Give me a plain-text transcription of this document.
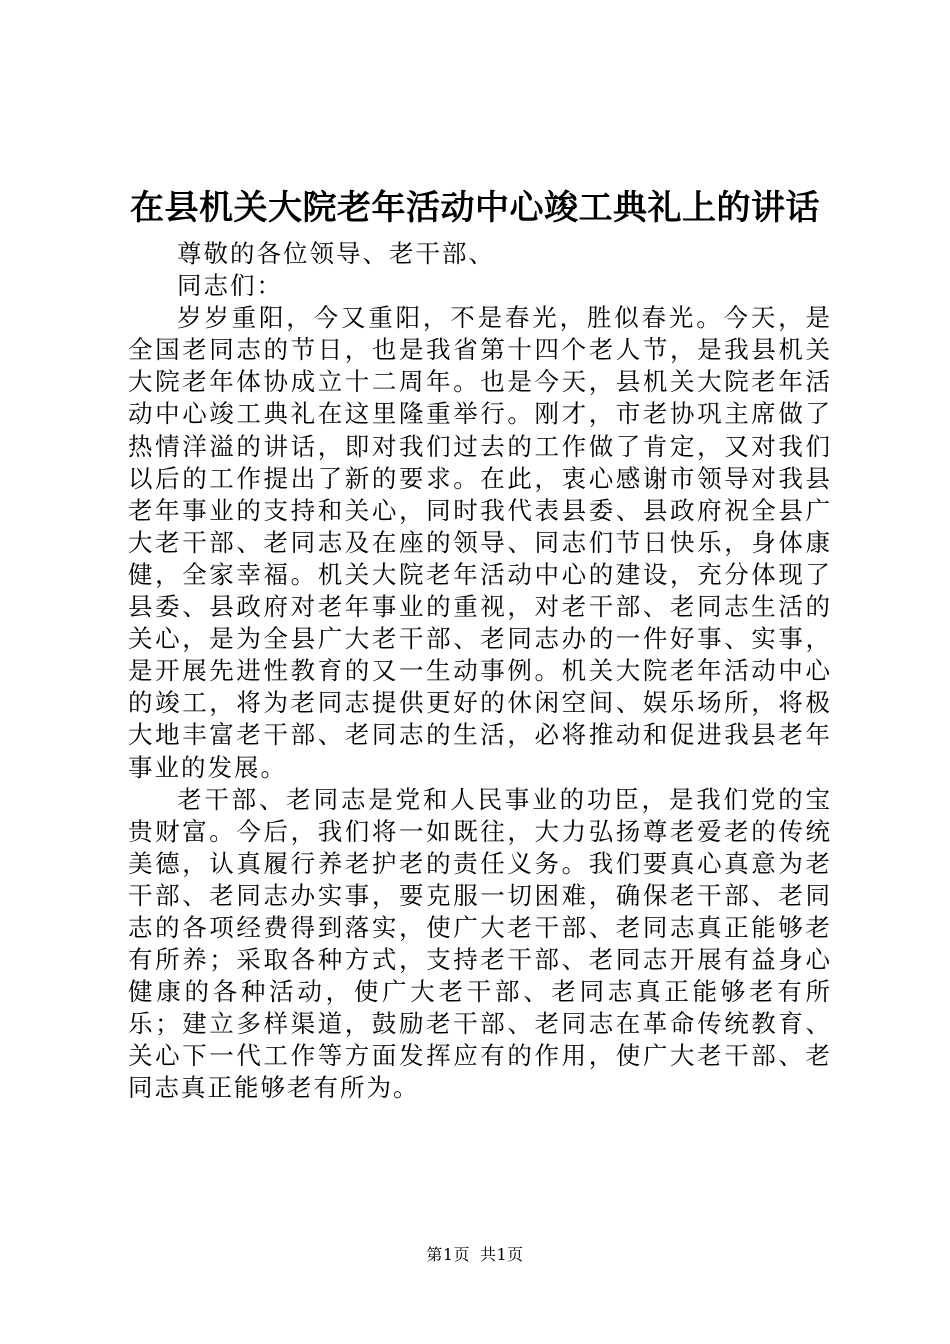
在县机关大院老年活动中心竣工典礼上的讲话

尊敬的各位领导、老干部、

同志们：

岁岁重阳，今又重阳，不是春光，胜似春光。今天，是全国老同志的节日，也是我省第十四个老人节，是我县机关大院老年体协成立十二周年。也是今天，县机关大院老年活动中心竣工典礼在这里隆重举行。刚才，市老协巩主席做了热情洋溢的讲话，即对我们过去的工作做了肯定，又对我们以后的工作提出了新的要求。在此，衷心感谢市领导对我县老年事业的支持和关心，同时我代表县委、县政府祝全县广大老干部、老同志及在座的领导、同志们节日快乐，身体康健，全家幸福。机关大院老年活动中心的建设，充分体现了县委、县政府对老年事业的重视，对老干部、老同志生活的关心，是为全县广大老干部、老同志办的一件好事、实事，是开展先进性教育的又一生动事例。机关大院老年活动中心的竣工，将为老同志提供更好的休闲空间、娱乐场所，将极大地丰富老干部、老同志的生活，必将推动和促进我县老年事业的发展。

老干部、老同志是党和人民事业的功臣，是我们党的宝贵财富。今后，我们将一如既往，大力弘扬尊老爱老的传统美德，认真履行养老护老的责任义务。我们要真心真意为老干部、老同志办实事，要克服一切困难，确保老干部、老同志的各项经费得到落实，使广大老干部、老同志真正能够老有所养；采取各种方式，支持老干部、老同志开展有益身心健康的各种活动，使广大老干部、老同志真正能够老有所乐；建立多样渠道，鼓励老干部、老同志在革命传统教育、关心下一代工作等方面发挥应有的作用，使广大老干部、老同志真正能够老有所为。

第1页 共1页
